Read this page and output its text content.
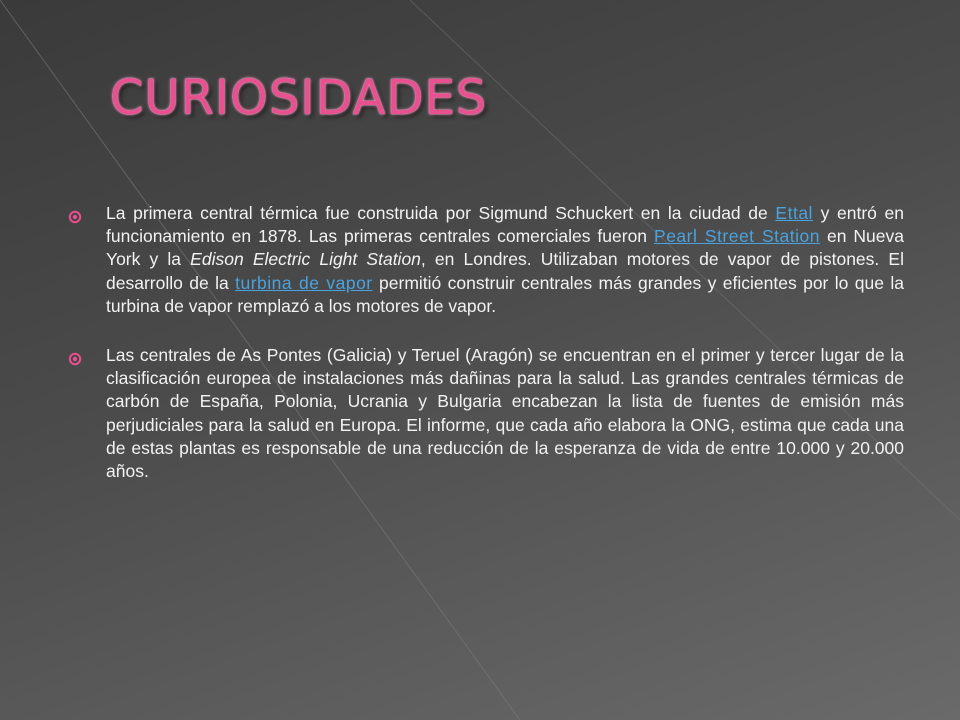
CURIOSIDADES

La primera central térmica fue construida por Sigmund Schuckert en la ciudad de Ettal y entró en funcionamiento en 1878. Las primeras centrales comerciales fueron Pearl Street Station en Nueva York y la Edison Electric Light Station, en Londres. Utilizaban motores de vapor de pistones. El desarrollo de la turbina de vapor permitió construir centrales más grandes y eficientes por lo que la turbina de vapor remplazó a los motores de vapor.

Las centrales de As Pontes (Galicia) y Teruel (Aragón) se encuentran en el primer y tercer lugar de la clasificación europea de instalaciones más dañinas para la salud. Las grandes centrales térmicas de carbón de España, Polonia, Ucrania y Bulgaria encabezan la lista de fuentes de emisión más perjudiciales para la salud en Europa. El informe, que cada año elabora la ONG, estima que cada una de estas plantas es responsable de una reducción de la esperanza de vida de entre 10.000 y 20.000 años.
